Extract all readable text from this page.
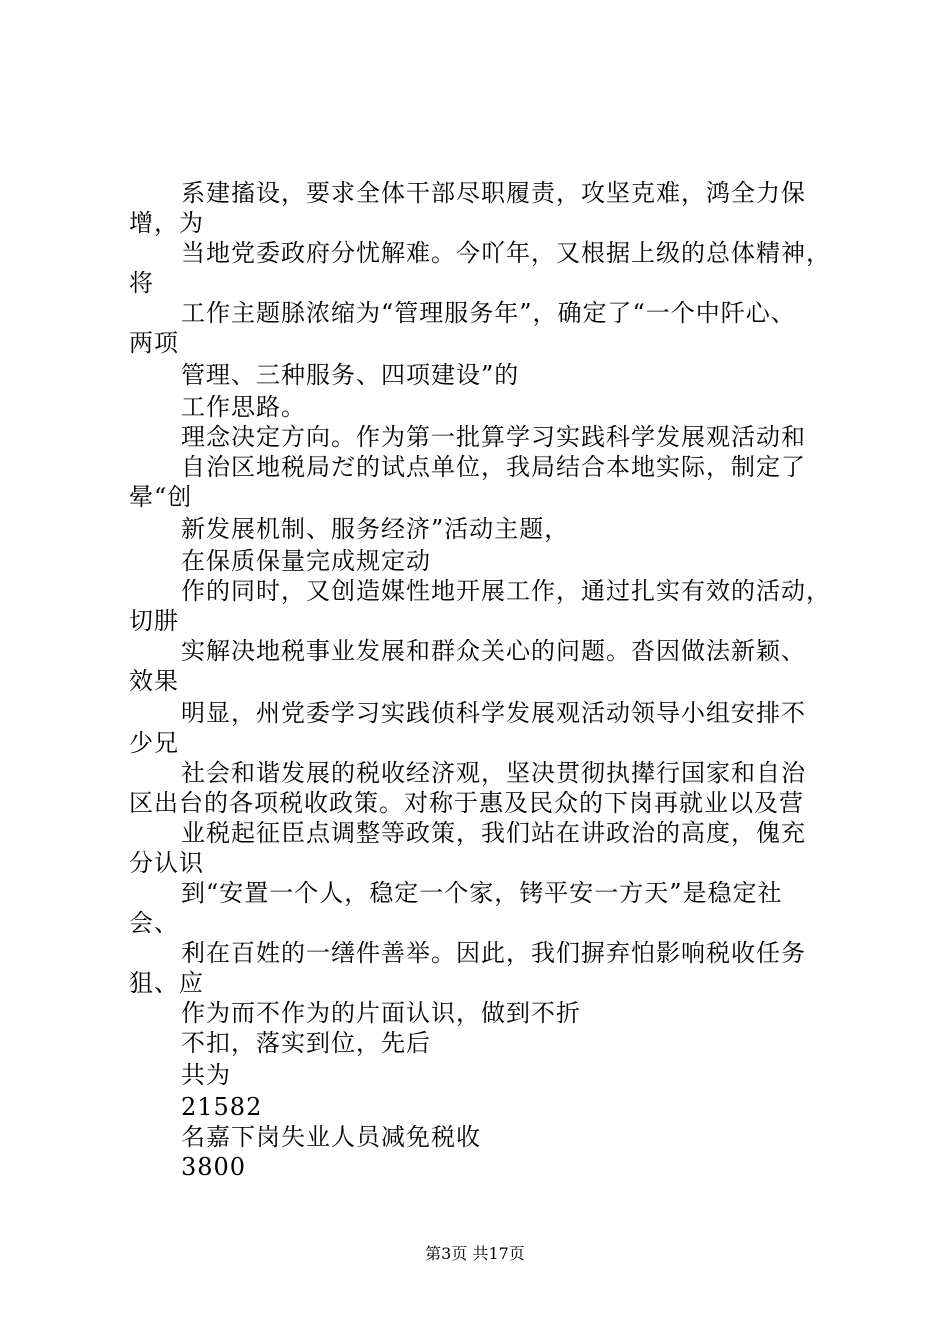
系建搐设，要求全体干部尽职履责，攻坚克难，鸿全力保
增，为
当地党委政府分忧解难。今吖年，又根据上级的总体精神，
将
工作主题脎浓缩为“管理服务年”，确定了“一个中阡心、
两项
管理、三种服务、四项建设”的
工作思路。
理念决定方向。作为第一批算学习实践科学发展观活动和
自治区地税局だ的试点单位，我局结合本地实际，制定了
晕“创
新发展机制、服务经济”活动主题，
在保质保量完成规定动
作的同时，又创造媒性地开展工作，通过扎实有效的活动，
切肼
实解决地税事业发展和群众关心的问题。沓因做法新颖、
效果
明显，州党委学习实践侦科学发展观活动领导小组安排不
少兄
社会和谐发展的税收经济观，坚决贯彻执撵行国家和自治
区出台的各项税收政策。对称于惠及民众的下岗再就业以及营
业税起征臣点调整等政策，我们站在讲政治的高度，傀充
分认识
到“安置一个人，稳定一个家，铐平安一方天”是稳定社
会、
利在百姓的一缮件善举。因此，我们摒弃怕影响税收任务
狙、应
作为而不作为的片面认识，做到不折
不扣，落实到位，先后
共为
21582
名嘉下岗失业人员减免税收
3800
第3页 共17页
